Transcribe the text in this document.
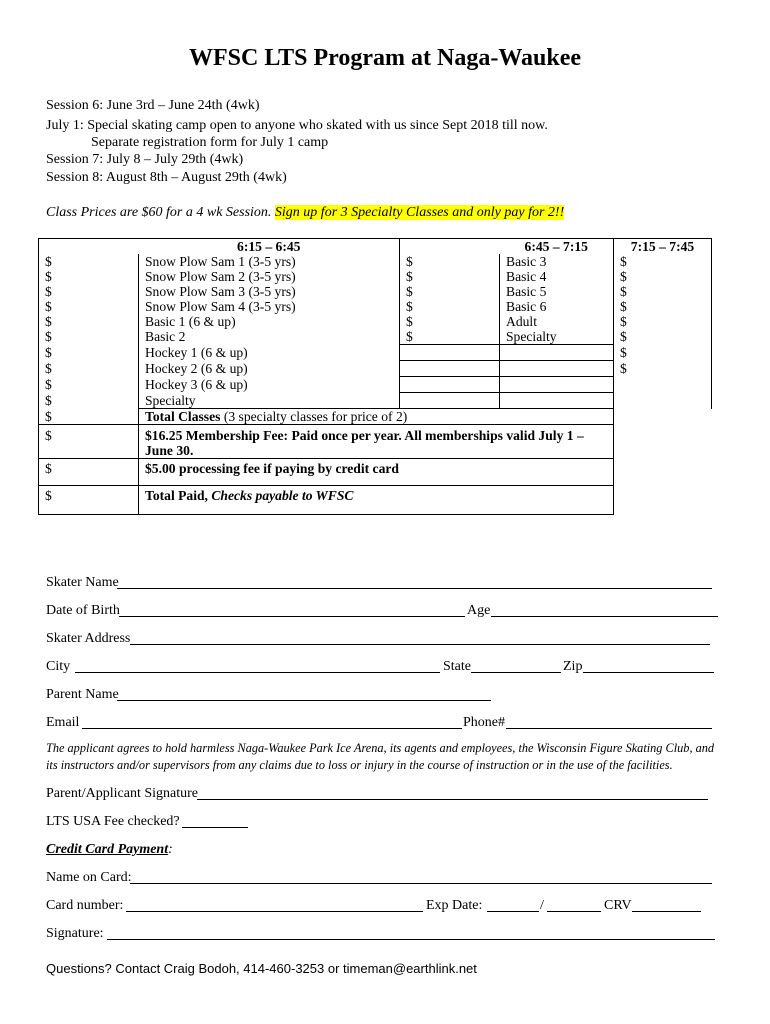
WFSC LTS Program at Naga-Waukee
Session 6: June 3rd – June 24th (4wk)
July 1: Special skating camp open to anyone who skated with us since Sept 2018 till now.
Separate registration form for July 1 camp
Session 7: July 8 – July 29th (4wk)
Session 8: August 8th – August 29th (4wk)
Class Prices are $60 for a 4 wk Session. Sign up for 3 Specialty Classes and only pay for 2!!
	6:15 – 6:45		6:45 – 7:15	7:15 – 7:45
$	Snow Plow Sam 1 (3-5 yrs)	$	Basic 3	$
$	Snow Plow Sam 2 (3-5 yrs)	$	Basic 4	$
$	Snow Plow Sam 3 (3-5 yrs)	$	Basic 5	$
$	Snow Plow Sam 4 (3-5 yrs)	$	Basic 6	$
$	Basic 1 (6 & up)	$	Adult	$
$	Basic 2	$	Specialty	$
$	Hockey 1 (6 & up)			$
$	Hockey 2 (6 & up)			$
$	Hockey 3 (6 & up)			
$	Specialty			
$	Total Classes (3 specialty classes for price of 2)			
$	$16.25 Membership Fee: Paid once per year. All memberships valid July 1 –
June 30.			
$	$5.00 processing fee if paying by credit card			
$	Total Paid, Checks payable to WFSC			
Skater Name
Date of Birth	Age
Skater Address
City	State	Zip
Parent Name
Email	Phone#
The applicant agrees to hold harmless Naga-Waukee Park Ice Arena, its agents and employees, the Wisconsin Figure Skating Club, and its instructors and/or supervisors from any claims due to loss or injury in the course of instruction or in the use of the facilities.
Parent/Applicant Signature
LTS USA Fee checked?
Credit Card Payment:
Name on Card:
Card number:	Exp Date:	/	CRV
Signature:
Questions? Contact Craig Bodoh, 414-460-3253 or timeman@earthlink.net
